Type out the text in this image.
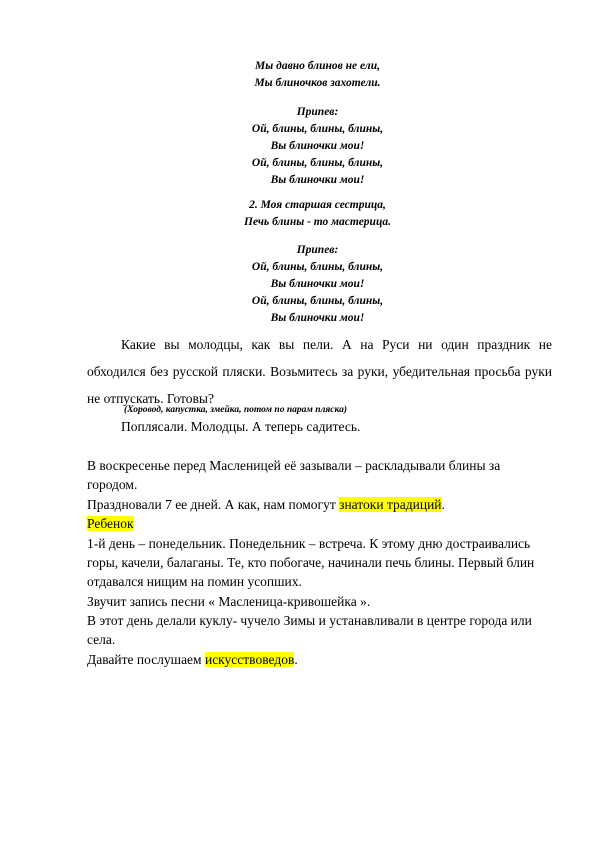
Мы давно блинов не ели,
Мы блиночков захотели.
Припев:
Ой, блины, блины, блины,
Вы блиночки мои!
Ой, блины, блины, блины,
Вы блиночки мои!
2. Моя старшая сестрица,
Печь блины - то мастерица.
Припев:
Ой, блины, блины, блины,
Вы блиночки мои!
Ой, блины, блины, блины,
Вы блиночки мои!
Какие вы молодцы, как вы пели. А на Руси ни один праздник не обходился без русской пляски. Возьмитесь за руки, убедительная просьба руки не отпускать. Готовы?
(Хоровод, капустка, змейка, потом по парам пляска)
Поплясали. Молодцы. А теперь садитесь.
В воскресенье перед Масленицей её зазывали – раскладывали блины за
городом.
Праздновали 7 ее дней. А как, нам помогут знатоки традиций.
Ребенок
1-й день – понедельник. Понедельник – встреча. К этому дню достраивались
горы, качели, балаганы. Те, кто побогаче, начинали печь блины. Первый блин
отдавался нищим на помин усопших.
Звучит запись песни « Масленица-кривошейка ».
В этот день делали куклу- чучело Зимы и устанавливали в центре города или
села.
Давайте послушаем искусствоведов.
